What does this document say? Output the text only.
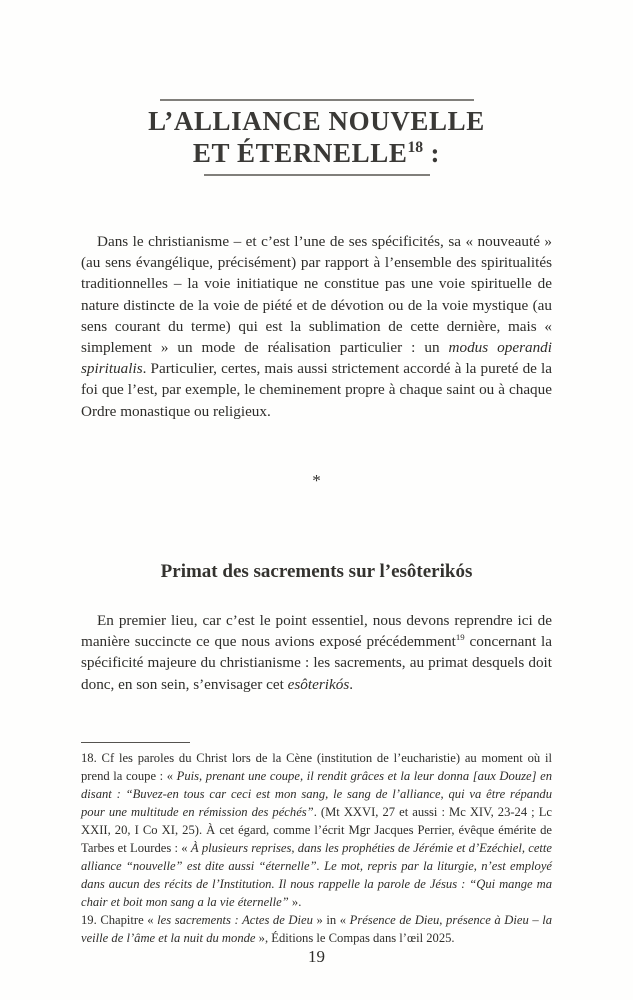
L’ALLIANCE NOUVELLE
ET ÉTERNELLE$^{18}$ :

Dans le christianisme – et c’est l’une de ses spécificités, sa « nouveauté » (au sens évangélique, précisément) par rapport à l’ensemble des spiritualités traditionnelles – la voie initiatique ne constitue pas une voie spirituelle de nature distincte de la voie de piété et de dévotion ou de la voie mystique (au sens courant du terme) qui est la sublimation de cette dernière, mais « simplement » un mode de réalisation particulier : un modus operandi spiritualis. Particulier, certes, mais aussi strictement accordé à la pureté de la foi que l’est, par exemple, le cheminement propre à chaque saint ou à chaque Ordre monastique ou religieux.

*
Primat des sacrements sur l’esôterikós

En premier lieu, car c’est le point essentiel, nous devons reprendre ici de manière succincte ce que nous avions exposé précédemment$^{19}$ concernant la spécificité majeure du christianisme : les sacrements, au primat desquels doit donc, en son sein, s’envisager cet esôterikós.

18. Cf les paroles du Christ lors de la Cène (institution de l’eucharistie) au moment où il prend la coupe : « Puis, prenant une coupe, il rendit grâces et la leur donna [aux Douze] en disant : “Buvez-en tous car ceci est mon sang, le sang de l’alliance, qui va être répandu pour une multitude en rémission des péchés”. (Mt XXVI, 27 et aussi : Mc XIV, 23-24 ; Lc XXII, 20, I Co XI, 25). À cet égard, comme l’écrit Mgr Jacques Perrier, évêque émérite de Tarbes et Lourdes : « À plusieurs reprises, dans les prophéties de Jérémie et d’Ezéchiel, cette alliance “nouvelle” est dite aussi “éternelle”. Le mot, repris par la liturgie, n’est employé dans aucun des récits de l’Institution. Il nous rappelle la parole de Jésus : “Qui mange ma chair et boit mon sang a la vie éternelle” ».

19. Chapitre « les sacrements : Actes de Dieu » in « Présence de Dieu, présence à Dieu – la veille de l’âme et la nuit du monde », Éditions le Compas dans l’œil 2025.

19
